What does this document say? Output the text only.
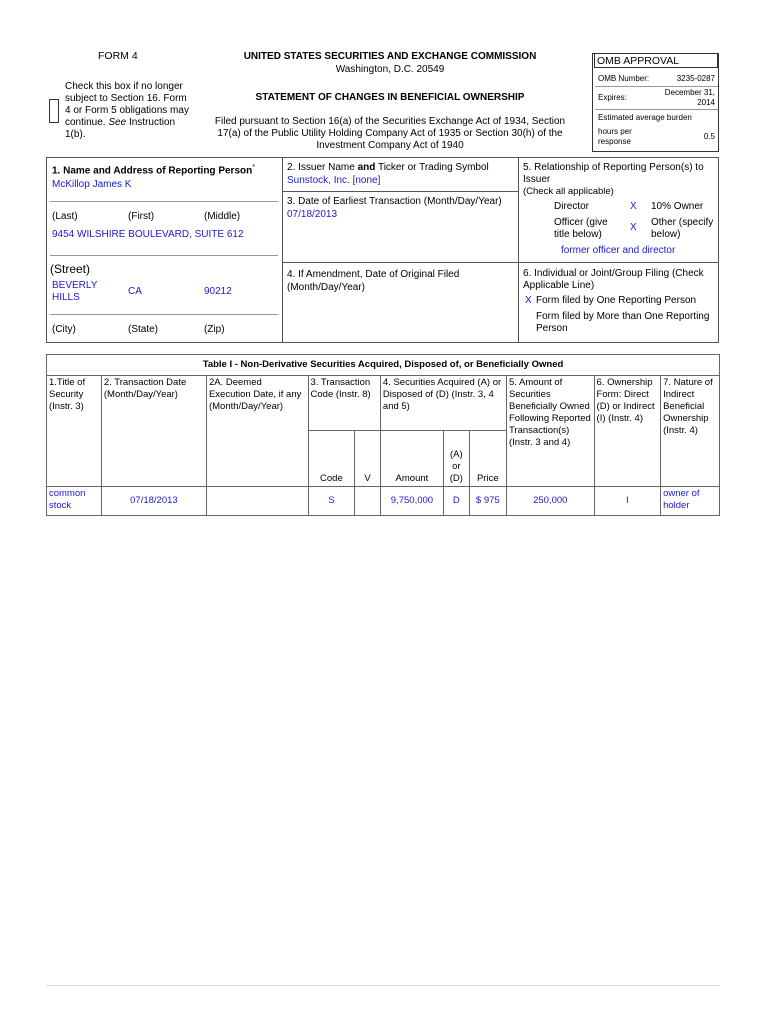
FORM 4
Check this box if no longer subject to Section 16. Form 4 or Form 5 obligations may continue. See Instruction 1(b).
UNITED STATES SECURITIES AND EXCHANGE COMMISSION
Washington, D.C. 20549
STATEMENT OF CHANGES IN BENEFICIAL OWNERSHIP
Filed pursuant to Section 16(a) of the Securities Exchange Act of 1934, Section 17(a) of the Public Utility Holding Company Act of 1935 or Section 30(h) of the Investment Company Act of 1940
OMB APPROVAL
OMB Number:	3235-0287
Expires:
December 31, 2014
Estimated average burden
hours per response
0.5
1. Name and Address of Reporting Person*
McKillop James K
(Last)	(First)	(Middle)
9454 WILSHIRE BOULEVARD, SUITE 612
(Street)
BEVERLY HILLS
CA	90212
(City)	(State)	(Zip)
2. Issuer Name and Ticker or Trading Symbol
Sunstock, Inc. [none]
3. Date of Earliest Transaction (Month/Day/Year)
07/18/2013
4. If Amendment, Date of Original Filed (Month/Day/Year)
5. Relationship of Reporting Person(s) to Issuer
(Check all applicable)
Director	X 10% Owner
Officer (give title below)
X Other (specify below)
former officer and director
6. Individual or Joint/Group Filing (Check Applicable Line)
X Form filed by One Reporting Person
Form filed by More than One Reporting Person
Table I - Non-Derivative Securities Acquired, Disposed of, or Beneficially Owned										
1.Title of Security (Instr. 3)	2. Transaction Date (Month/Day/Year)	2A. Deemed Execution Date, if any (Month/Day/Year)	3. Transaction Code (Instr. 8)		4. Securities Acquired (A) or Disposed of (D) (Instr. 3, 4 and 5)			5. Amount of Securities Beneficially Owned Following Reported Transaction(s) (Instr. 3 and 4)	6. Ownership Form: Direct (D) or Indirect (I) (Instr. 4)	7. Nature of Indirect Beneficial Ownership (Instr. 4)
			Code	V	Amount	(A) or (D)	Price			
common stock	07/18/2013		S		9,750,000	D	$ 975	250,000	I	owner of holder
